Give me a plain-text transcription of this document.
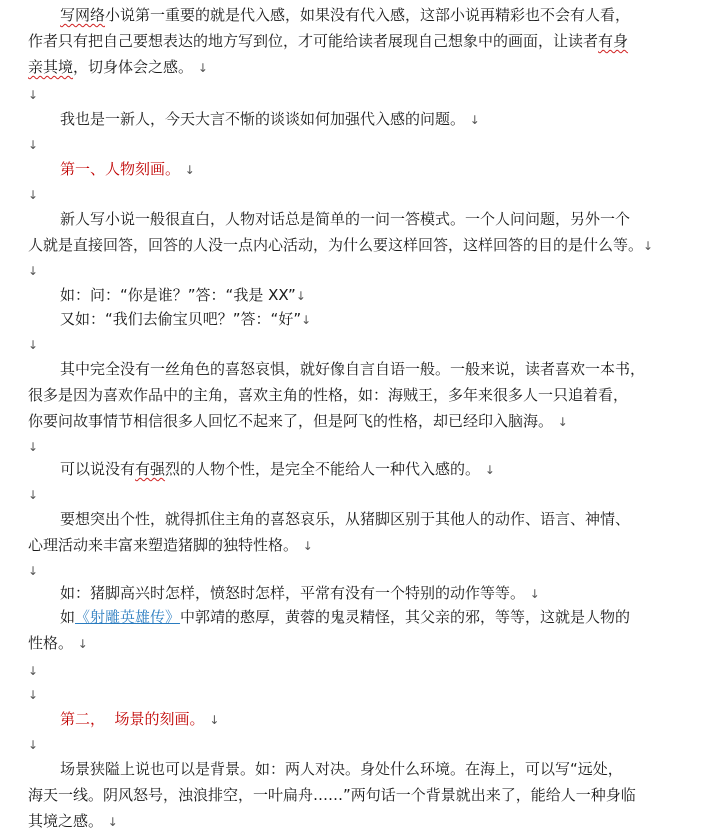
写网络小说第一重要的就是代入感，如果没有代入感，这部小说再精彩也不会有人看，
作者只有把自己要想表达的地方写到位，才可能给读者展现自己想象中的画面，让读者有身
亲其境，切身体会之感。 ↓
↓
我也是一新人，今天大言不惭的谈谈如何加强代入感的问题。 ↓
↓
第一、人物刻画。 ↓
↓
新人写小说一般很直白，人物对话总是简单的一问一答模式。一个人问问题，另外一个
人就是直接回答，回答的人没一点内心活动，为什么要这样回答，这样回答的目的是什么等。↓
↓
如：问：“你是谁？”答：“我是 XX”↓
又如：“我们去偷宝贝吧？”答：“好”↓
↓
其中完全没有一丝角色的喜怒哀惧，就好像自言自语一般。一般来说，读者喜欢一本书，
很多是因为喜欢作品中的主角，喜欢主角的性格，如：海贼王，多年来很多人一只追着看，
你要问故事情节相信很多人回忆不起来了，但是阿飞的性格，却已经印入脑海。 ↓
↓
可以说没有有强烈的人物个性，是完全不能给人一种代入感的。 ↓
↓
要想突出个性，就得抓住主角的喜怒哀乐，从猪脚区别于其他人的动作、语言、神情、
心理活动来丰富来塑造猪脚的独特性格。 ↓
↓
如：猪脚高兴时怎样，愤怒时怎样，平常有没有一个特别的动作等等。 ↓
如《射雕英雄传》中郭靖的憨厚，黄蓉的鬼灵精怪，其父亲的邪，等等，这就是人物的
性格。 ↓
↓
↓
第二，  场景的刻画。 ↓
↓
场景狭隘上说也可以是背景。如：两人对决。身处什么环境。在海上，可以写“远处，
海天一线。阴风怒号，浊浪排空，一叶扁舟……”两句话一个背景就出来了，能给人一种身临
其境之感。 ↓
